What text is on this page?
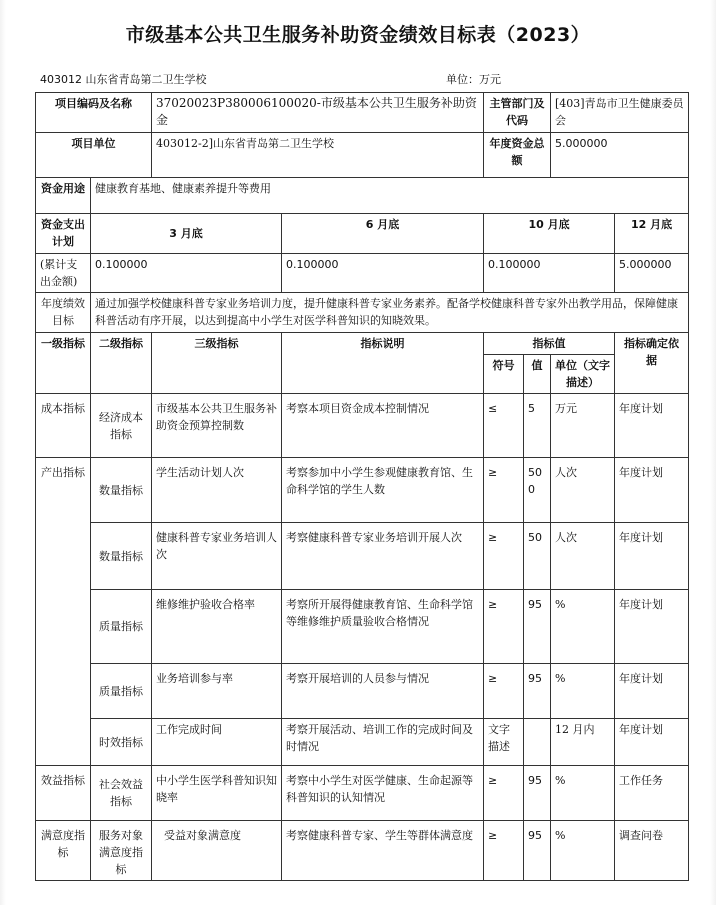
市级基本公共卫生服务补助资金绩效目标表（2023）
403012 山东省青岛第二卫生学校	单位：万元
项目编码及名称		37020023P380006100020-市级基本公共卫生服务补助资金		主管部门及代码		[403]青岛市卫生健康委员会	
项目单位		403012-2]山东省青岛第二卫生学校		年度资金总额		5.000000	
资金用途	健康教育基地、健康素养提升等费用						
资金支出计划	3 月底		6 月底	10 月底			12 月底
(累计支出金额)	0.100000		0.100000	0.100000			5.000000
年度绩效目标	通过加强学校健康科普专家业务培训力度，提升健康科普专家业务素养。配备学校健康科普专家外出教学用品，保障健康科普活动有序开展，以达到提高中小学生对医学科普知识的知晓效果。						
一级指标	二级指标	三级指标	指标说明	指标值			指标确定依据
				符号	值	单位（文字描述）	
成本指标	经济成本指标	市级基本公共卫生服务补助资金预算控制数	考察本项目资金成本控制情况	≤	5	万元	年度计划
产出指标	数量指标	学生活动计划人次	考察参加中小学生参观健康教育馆、生命科学馆的学生人数	≥	500	人次	年度计划
	数量指标	健康科普专家业务培训人次	考察健康科普专家业务培训开展人次	≥	50	人次	年度计划
	质量指标	维修维护验收合格率	考察所开展得健康教育馆、生命科学馆等维修维护质量验收合格情况	≥	95	%	年度计划
	质量指标	业务培训参与率	考察开展培训的人员参与情况	≥	95	%	年度计划
	时效指标	工作完成时间	考察开展活动、培训工作的完成时间及时情况	文字描述		12 月内	年度计划
效益指标	社会效益指标	中小学生医学科普知识知晓率	考察中小学生对医学健康、生命起源等科普知识的认知情况	≥	95	%	工作任务
满意度指标	服务对象满意度指标	受益对象满意度	考察健康科普专家、学生等群体满意度	≥	95	%	调查问卷
